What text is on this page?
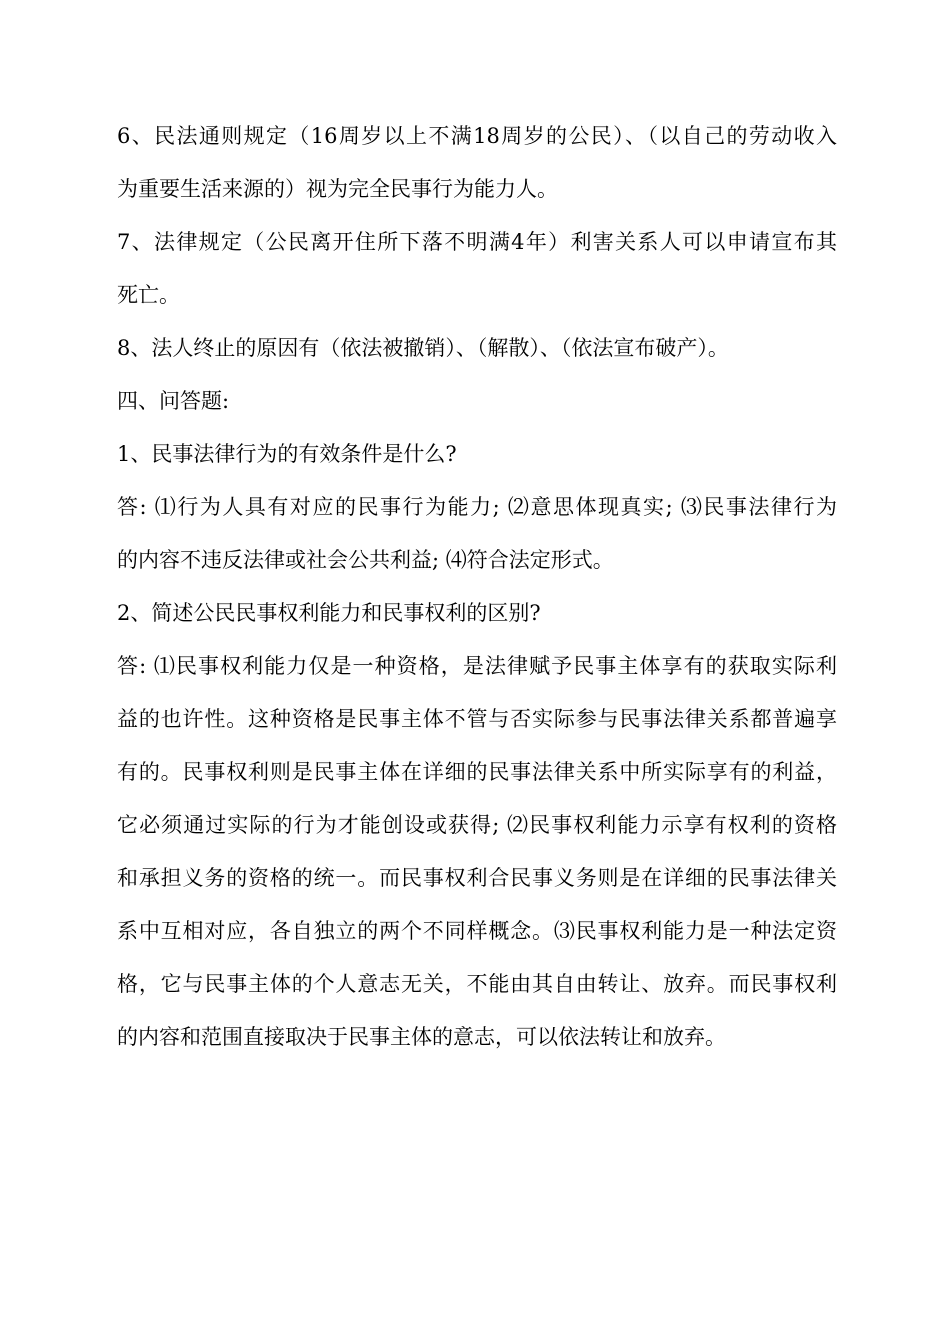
6、民法通则规定（16周岁以上不满18周岁的公民）、（以自己的劳动收入
为重要生活来源的）视为完全民事行为能力人。
7、法律规定（公民离开住所下落不明满4年）利害关系人可以申请宣布其
死亡。
8、法人终止的原因有（依法被撤销）、（解散）、（依法宣布破产）。
四、问答题:
1、民事法律行为的有效条件是什么?
答: ⑴行为人具有对应的民事行为能力; ⑵意思体现真实; ⑶民事法律行为
的内容不违反法律或社会公共利益; ⑷符合法定形式。
2、简述公民民事权利能力和民事权利的区别?
答: ⑴民事权利能力仅是一种资格，是法律赋予民事主体享有的获取实际利
益的也许性。这种资格是民事主体不管与否实际参与民事法律关系都普遍享
有的。民事权利则是民事主体在详细的民事法律关系中所实际享有的利益，
它必须通过实际的行为才能创设或获得; ⑵民事权利能力示享有权利的资格
和承担义务的资格的统一。而民事权利合民事义务则是在详细的民事法律关
系中互相对应，各自独立的两个不同样概念。⑶民事权利能力是一种法定资
格，它与民事主体的个人意志无关，不能由其自由转让、放弃。而民事权利
的内容和范围直接取决于民事主体的意志，可以依法转让和放弃。
